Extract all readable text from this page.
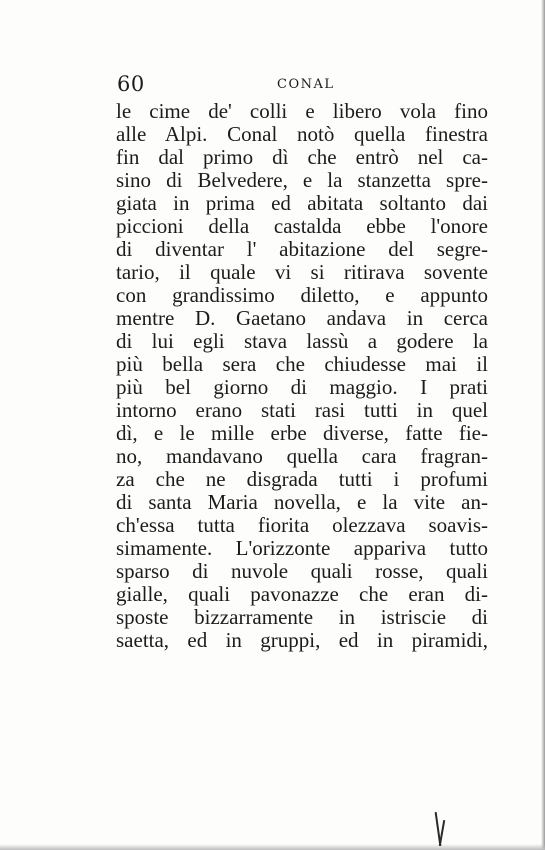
60	CONAL
le cime de' colli e libero vola fino
alle Alpi. Conal notò quella finestra
fin dal primo dì che entrò nel ca-
sino di Belvedere, e la stanzetta spre-
giata in prima ed abitata soltanto dai
piccioni della castalda ebbe l'onore
di diventar l' abitazione del segre-
tario, il quale vi si ritirava sovente
con grandissimo diletto, e appunto
mentre D. Gaetano andava in cerca
di lui egli stava lassù a godere la
più bella sera che chiudesse mai il
più bel giorno di maggio. I prati
intorno erano stati rasi tutti in quel
dì, e le mille erbe diverse, fatte fie-
no, mandavano quella cara fragran-
za che ne disgrada tutti i profumi
di santa Maria novella, e la vite an-
ch'essa tutta fiorita olezzava soavis-
simamente. L'orizzonte appariva tutto
sparso di nuvole quali rosse, quali
gialle, quali pavonazze che eran di-
sposte bizzarramente in istriscie di
saetta, ed in gruppi, ed in piramidi,
